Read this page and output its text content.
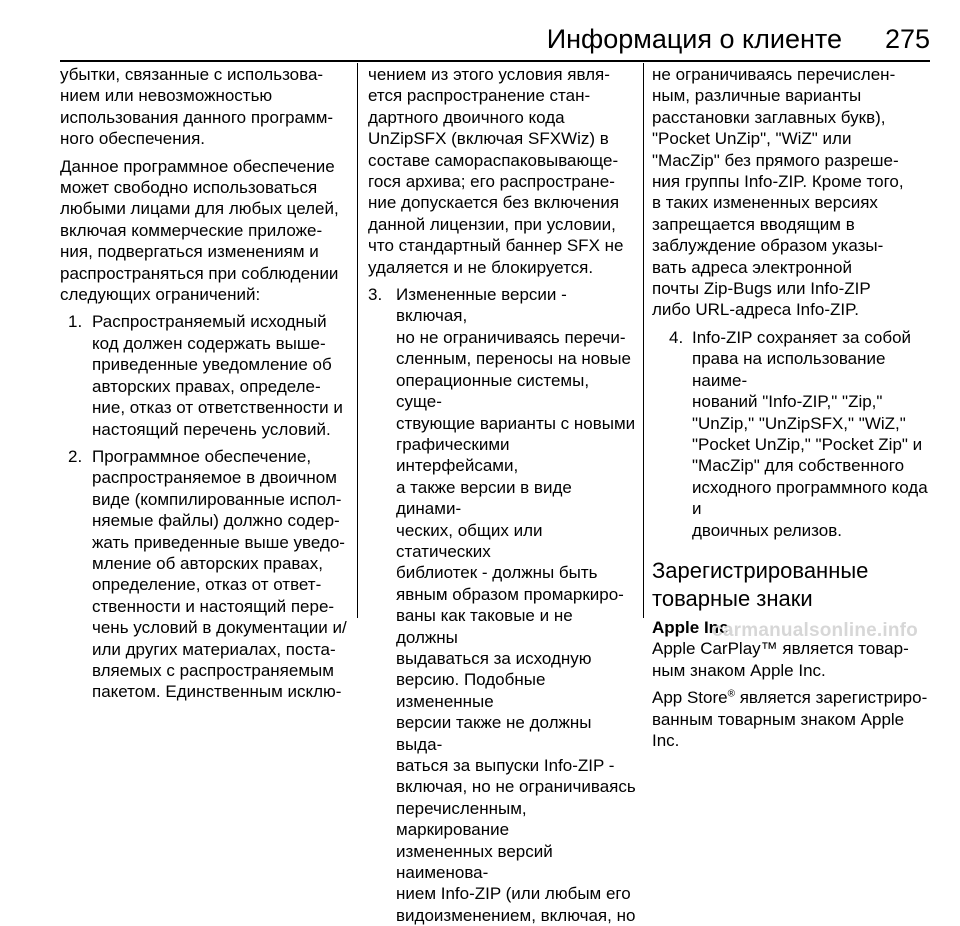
Информация о клиенте 275

убытки, связанные с использова-
нием или невозможностью
использования данного программ-
ного обеспечения.

Данное программное обеспечение
может свободно использоваться
любыми лицами для любых целей,
включая коммерческие приложе-
ния, подвергаться изменениям и
распространяться при соблюдении
следующих ограничений:

1. Распространяемый исходный
код должен содержать выше-
приведенные уведомление об
авторских правах, определе-
ние, отказ от ответственности и
настоящий перечень условий.
2. Программное обеспечение,
распространяемое в двоичном
виде (компилированные испол-
няемые файлы) должно содер-
жать приведенные выше уведо-
мление об авторских правах,
определение, отказ от ответ-
ственности и настоящий пере-
чень условий в документации и/
или других материалах, поста-
вляемых с распространяемым
пакетом. Единственным исклю-

чением из этого условия явля-
ется распространение стан-
дартного двоичного кода
UnZipSFX (включая SFXWiz) в
составе самораспаковывающе-
гося архива; его распростране-
ние допускается без включения
данной лицензии, при условии,
что стандартный баннер SFX не
удаляется и не блокируется.

3. Измененные версии - включая,
но не ограничиваясь перечи-
сленным, переносы на новые
операционные системы, суще-
ствующие варианты с новыми
графическими интерфейсами,
а также версии в виде динами-
ческих, общих или статических
библиотек - должны быть
явным образом промаркиро-
ваны как таковые и не должны
выдаваться за исходную
версию. Подобные измененные
версии также не должны выда-
ваться за выпуски Info-ZIP -
включая, но не ограничиваясь
перечисленным, маркирование
измененных версий наименова-
нием Info-ZIP (или любым его
видоизменением, включая, но

не ограничиваясь перечислен-
ным, различные варианты
расстановки заглавных букв),
"Pocket UnZip", "WiZ" или
"MacZip" без прямого разреше-
ния группы Info-ZIP. Кроме того,
в таких измененных версиях
запрещается вводящим в
заблуждение образом указы-
вать адреса электронной
почты Zip-Bugs или Info-ZIP
либо URL-адреса Info-ZIP.

4. Info-ZIP сохраняет за собой
права на использование наиме-
нований "Info-ZIP," "Zip,"
"UnZip," "UnZipSFX," "WiZ,"
"Pocket UnZip," "Pocket Zip" и
"MacZip" для собственного
исходного программного кода и
двоичных релизов.

Зарегистрированные
товарные знаки

Apple Inc.

Apple CarPlay™ является товар-
ным знаком Apple Inc.

App Store® является зарегистриро-
ванным товарным знаком Apple Inc.

carmanualsonline.info
